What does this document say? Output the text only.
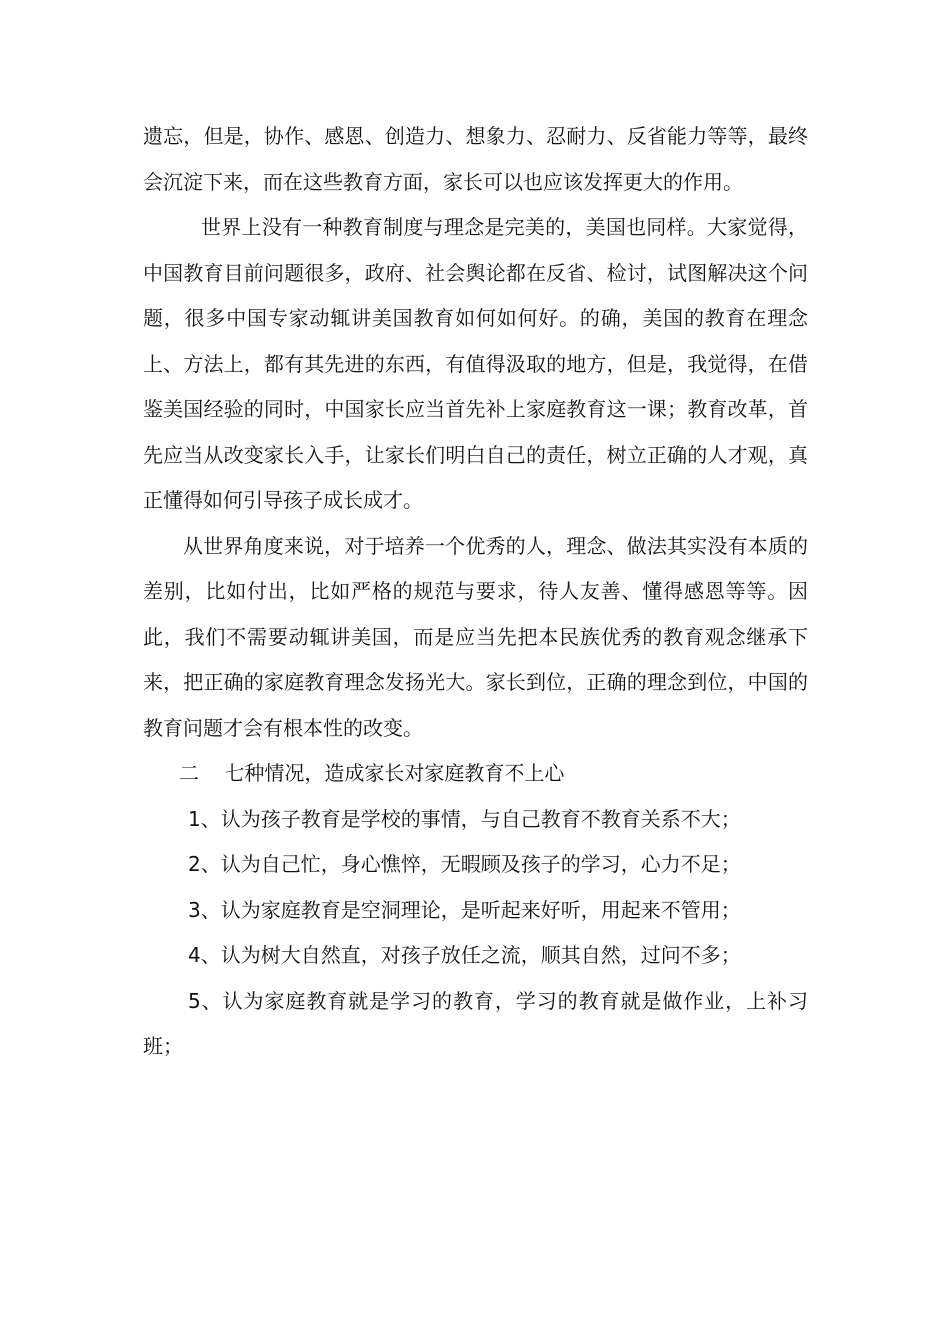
遗忘，但是，协作、感恩、创造力、想象力、忍耐力、反省能力等等，最终会沉淀下来，而在这些教育方面，家长可以也应该发挥更大的作用。

世界上没有一种教育制度与理念是完美的，美国也同样。大家觉得，中国教育目前问题很多，政府、社会舆论都在反省、检讨，试图解决这个问题，很多中国专家动辄讲美国教育如何如何好。的确，美国的教育在理念上、方法上，都有其先进的东西，有值得汲取的地方，但是，我觉得，在借鉴美国经验的同时，中国家长应当首先补上家庭教育这一课；教育改革，首先应当从改变家长入手，让家长们明白自己的责任，树立正确的人才观，真正懂得如何引导孩子成长成才。

从世界角度来说，对于培养一个优秀的人，理念、做法其实没有本质的差别，比如付出，比如严格的规范与要求，待人友善、懂得感恩等等。因此，我们不需要动辄讲美国，而是应当先把本民族优秀的教育观念继承下来，把正确的家庭教育理念发扬光大。家长到位，正确的理念到位，中国的教育问题才会有根本性的改变。

二    七种情况，造成家长对家庭教育不上心

1、认为孩子教育是学校的事情，与自己教育不教育关系不大；

2、认为自己忙，身心憔悴，无暇顾及孩子的学习，心力不足；

3、认为家庭教育是空洞理论，是听起来好听，用起来不管用；

4、认为树大自然直，对孩子放任之流，顺其自然，过问不多；

5、认为家庭教育就是学习的教育，学习的教育就是做作业，上补习班；
